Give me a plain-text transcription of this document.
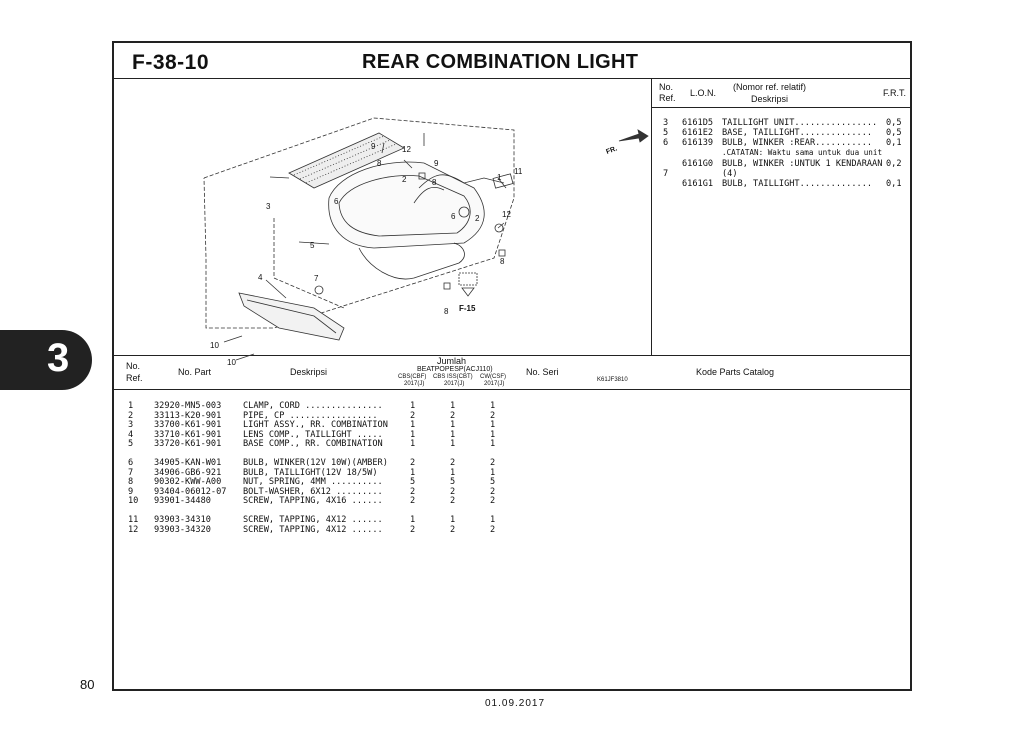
3
80
01.09.2017
F-38-10	REAR COMBINATION LIGHT
9	12
8	9
2	8
1
11
3
6
6 2	12
5
8
4	7
8
10
10
F-15
FR.
K61JF3810
No.
Ref. L.O.N.
(Nomor ref. relatif)
Deskripsi
F.R.T.
3 6161D5 TAILLIGHT UNIT................ 0,5
5 6161E2 BASE, TAILLIGHT.............. 0,5
6 616139 BULB, WINKER :REAR........... 0,1
.CATATAN: Waktu sama untuk dua unit
6161G0 BULB, WINKER :UNTUK 1 KENDARAAN 0,2
7	(4)
6161G1 BULB, TAILLIGHT.............. 0,1
No.
Ref.
No. Part	Deskripsi
Jumlah
BEATPOPESP(ACJ110)
CBS(CBF) CBS ISS(CBT) CW(CSF)
2017(J)	2017(J)	2017(J)
No. Seri	Kode Parts Catalog
1 32920-MN5-003	CLAMP, CORD ...............	1	1	1
2 33113-K20-901	PIPE, CP .................	2	2	2
3 33700-K61-901	LIGHT ASSY., RR. COMBINATION	1	1	1
4 33710-K61-901	LENS COMP., TAILLIGHT .....	1	1	1
5 33720-K61-901	BASE COMP., RR. COMBINATION	1	1	1
6 34905-KAN-W01	BULB, WINKER(12V 10W)(AMBER)	2	2	2
7 34906-GB6-921	BULB, TAILLIGHT(12V 18/5W)	1	1	1
8 90302-KWW-A00	NUT, SPRING, 4MM ..........	5	5	5
9 93404-06012-07 BOLT-WASHER, 6X12 .........	2	2	2
10 93901-34480	SCREW, TAPPING, 4X16 ......	2	2	2
11 93903-34310	SCREW, TAPPING, 4X12 ......	1	1	1
12 93903-34320	SCREW, TAPPING, 4X12 ......	2	2	2
